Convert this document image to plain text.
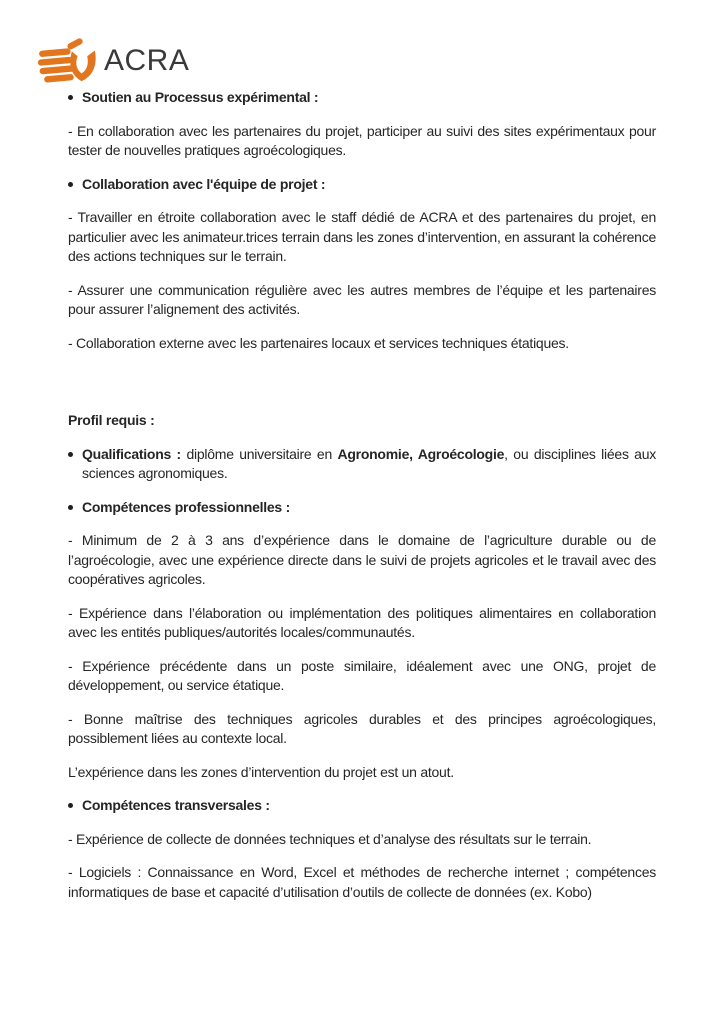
ACRA
Soutien au Processus expérimental :
- En collaboration avec les partenaires du projet, participer au suivi des sites expérimentaux pour tester de nouvelles pratiques agroécologiques.
Collaboration avec l'équipe de projet :
- Travailler en étroite collaboration avec le staff dédié de ACRA et des partenaires du projet, en particulier avec les animateur.trices terrain dans les zones d’intervention, en assurant la cohérence des actions techniques sur le terrain.
- Assurer une communication régulière avec les autres membres de l’équipe et les partenaires pour assurer l’alignement des activités.
- Collaboration externe avec les partenaires locaux et services techniques étatiques.
Profil requis :
Qualifications : diplôme universitaire en Agronomie, Agroécologie, ou disciplines liées aux sciences agronomiques.
Compétences professionnelles :
- Minimum de 2 à 3 ans d’expérience dans le domaine de l’agriculture durable ou de l’agroécologie, avec une expérience directe dans le suivi de projets agricoles et le travail avec des coopératives agricoles.
- Expérience dans l’élaboration ou implémentation des politiques alimentaires en collaboration avec les entités publiques/autorités locales/communautés.
- Expérience précédente dans un poste similaire, idéalement avec une ONG, projet de développement, ou service étatique.
- Bonne maîtrise des techniques agricoles durables et des principes agroécologiques, possiblement liées au contexte local.
L’expérience dans les zones d’intervention du projet est un atout.
Compétences transversales :
- Expérience de collecte de données techniques et d’analyse des résultats sur le terrain.
- Logiciels : Connaissance en Word, Excel et méthodes de recherche internet ; compétences informatiques de base et capacité d’utilisation d’outils de collecte de données (ex. Kobo)
